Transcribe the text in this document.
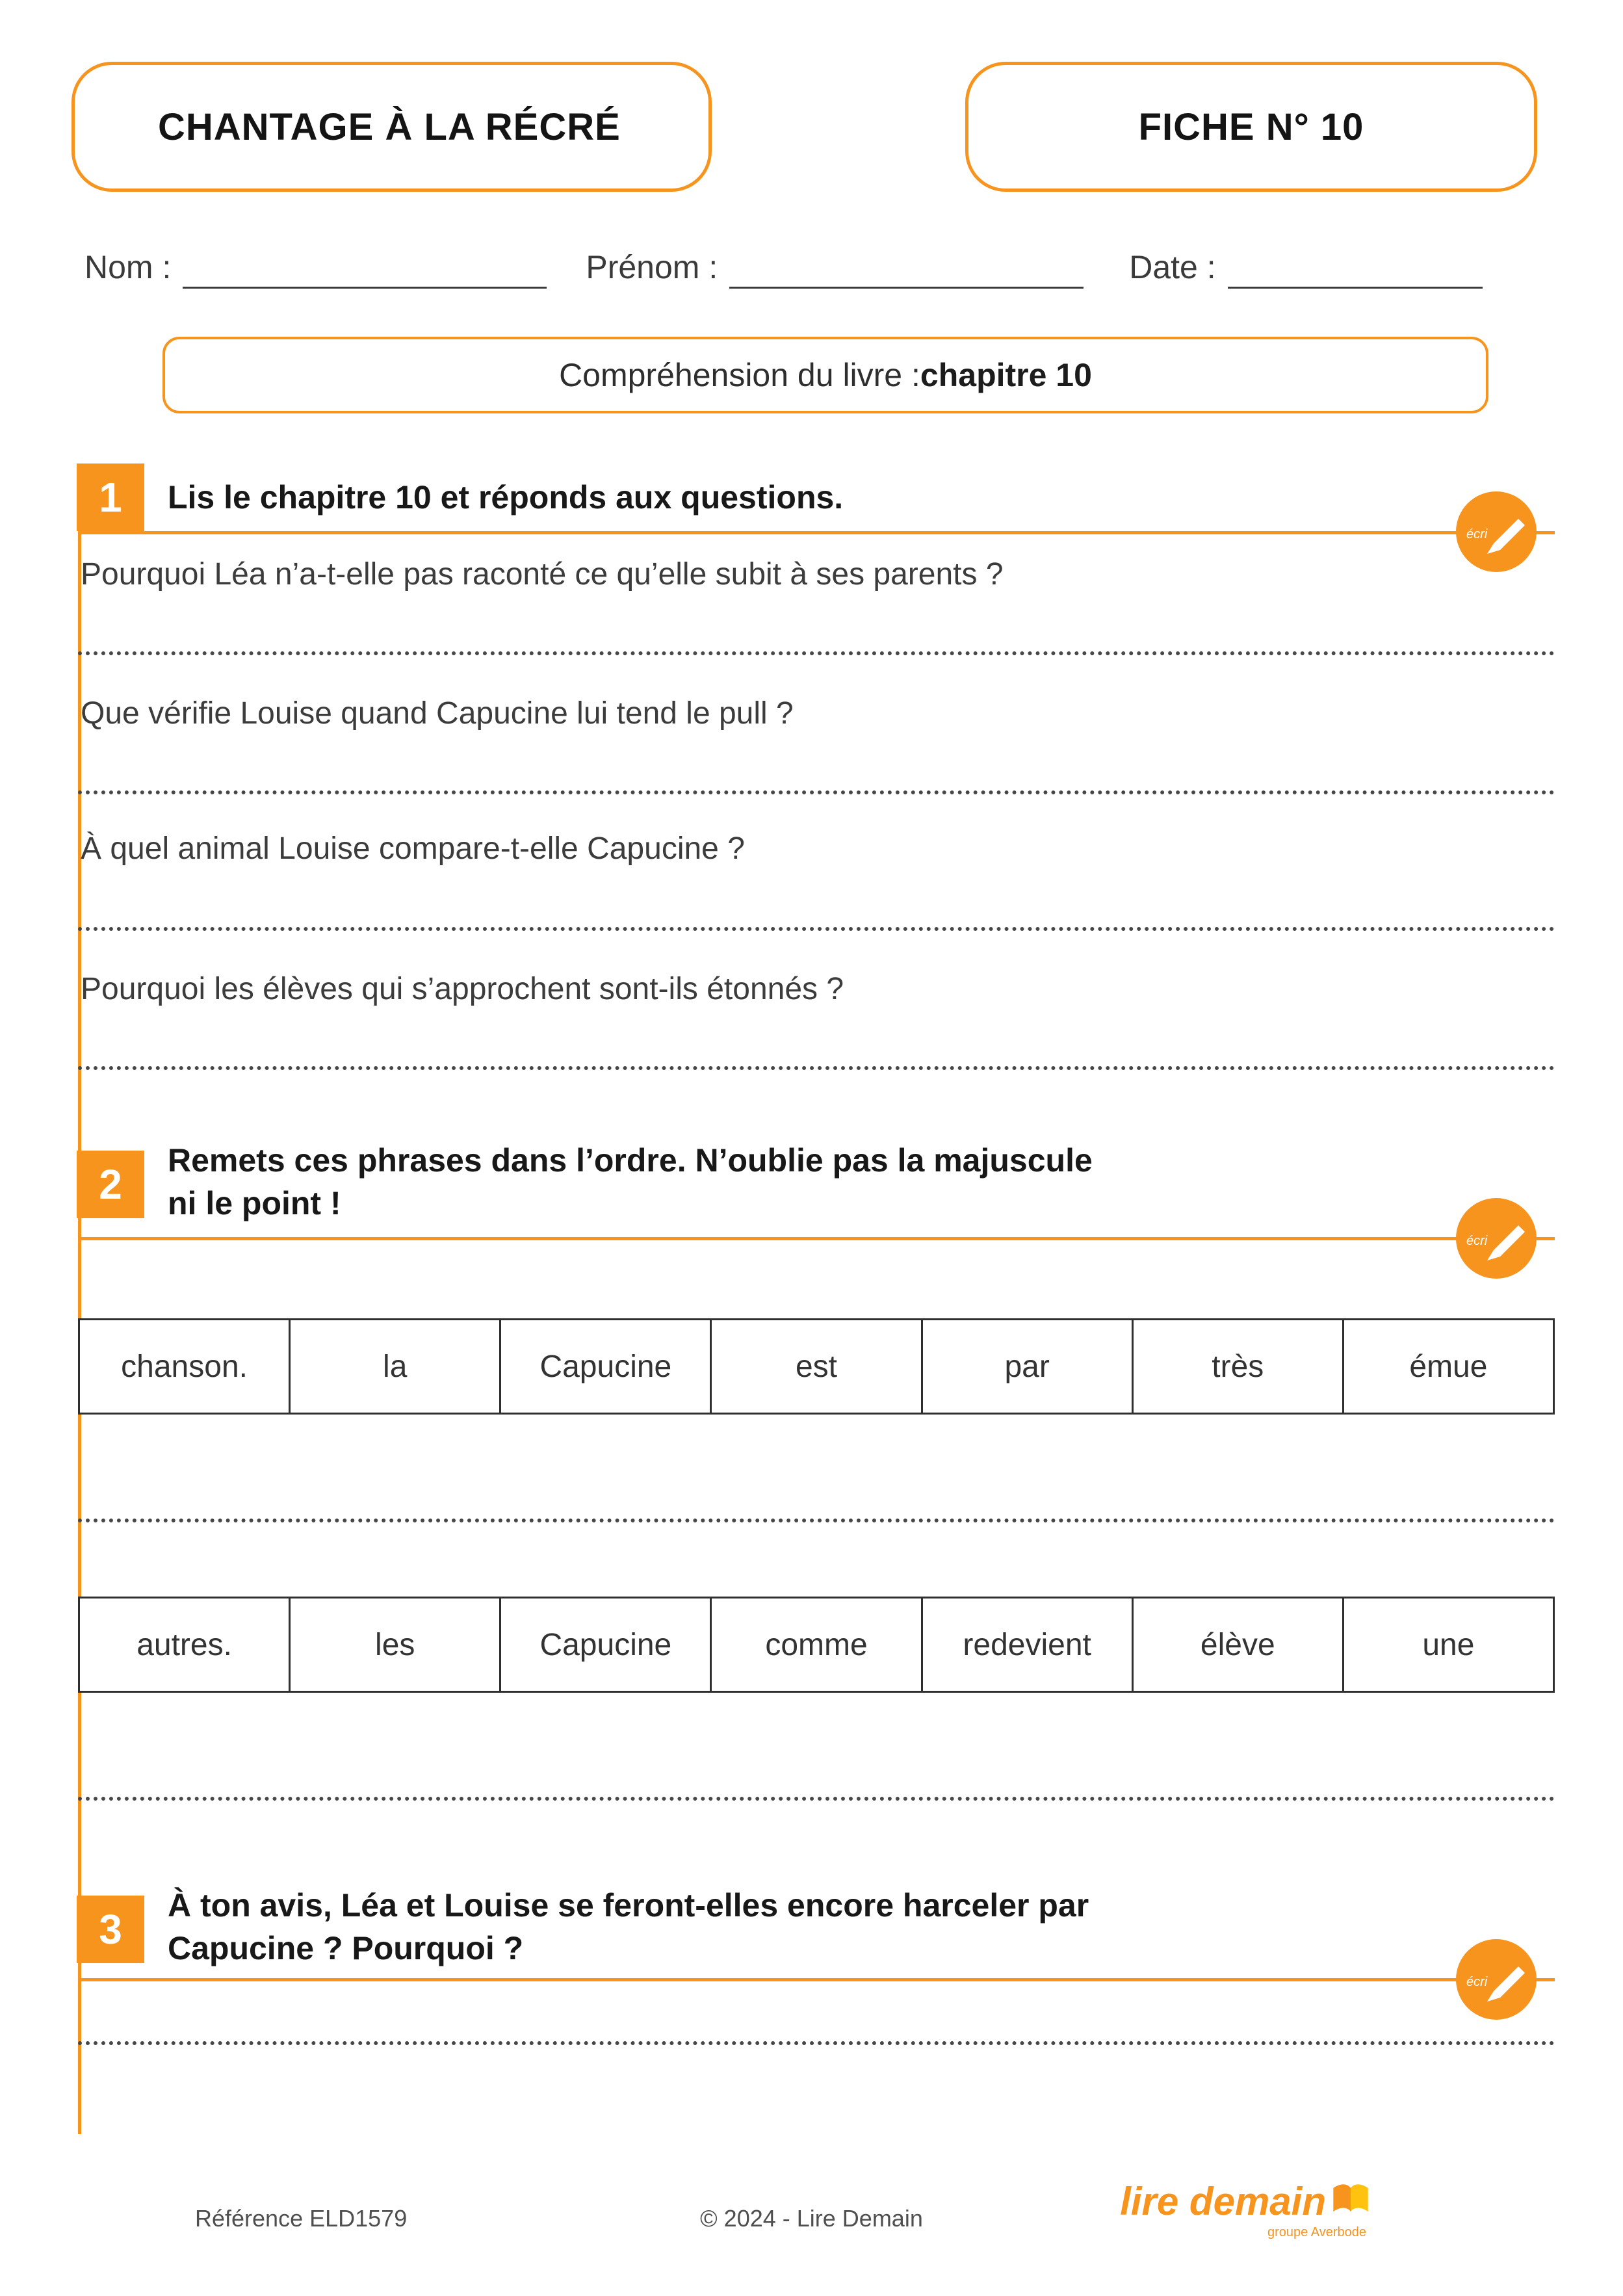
CHANTAGE À LA RÉCRÉ	FICHE N° 10
Nom :	Prénom :	Date :
Compréhension du livre : chapitre 10
1	Lis le chapitre 10 et réponds aux questions.
écri
Pourquoi Léa n’a-t-elle pas raconté ce qu’elle subit à ses parents ?
Que vérifie Louise quand Capucine lui tend le pull ?
À quel animal Louise compare-t-elle Capucine ?
Pourquoi les élèves qui s’approchent sont-ils étonnés ?
2
Remets ces phrases dans l’ordre. N’oublie pas la majuscule
ni le point !
écri
chanson.	la	Capucine	est	par	très	émue
autres.	les	Capucine	comme	redevient	élève	une
3
À ton avis, Léa et Louise se feront-elles encore harceler par
Capucine ? Pourquoi ?
écri
Référence ELD1579	© 2024 - Lire Demain	lire demain
groupe Averbode
